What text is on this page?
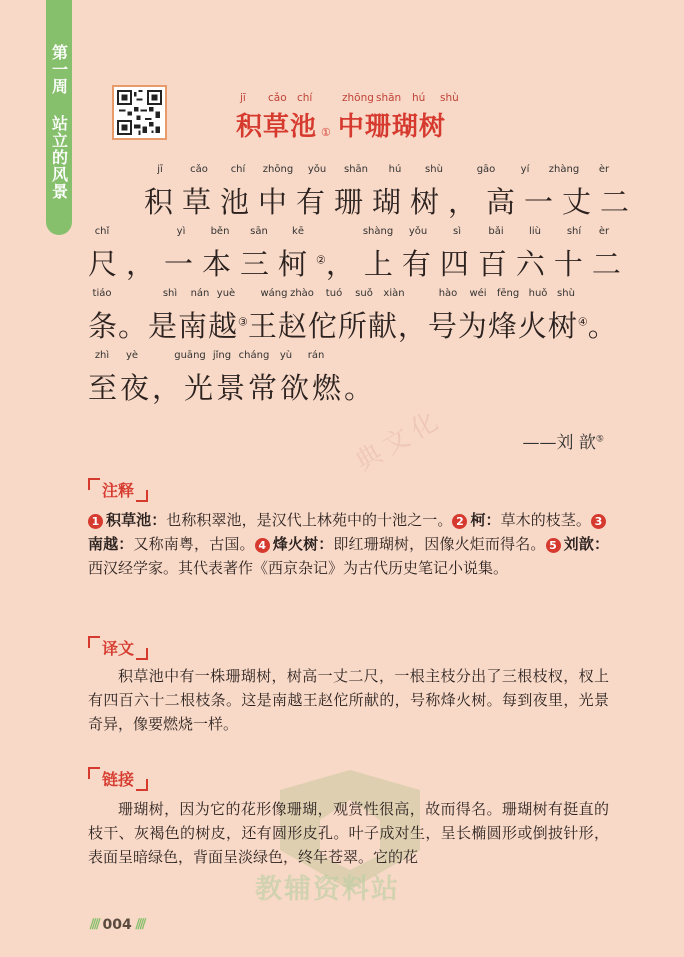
第一周 站立的风景	jī cǎo chí	zhōng shān hú shù
积草池 ① 中珊瑚树
jī	cǎo chí zhōng yǒu shān hú shù	gāo	yí zhàng èr
积草池中有珊瑚树，高一丈二
chǐ	yì	běn sān kē	shàng yǒu	sì	bǎi	liù	shí èr
尺，一本三柯②，上有四百六十二
tiáo	shì nán yuè	wáng zhào tuó suǒ xiàn	hào wéi fēng huǒ shù
条。是南越③王赵佗所献，号为烽火树④。
zhì yè	guāng jǐng cháng yù rán
至夜，光景常欲燃。
典文化	——刘 歆⑤
注释
1 积草池：也称积翠池，是汉代上林苑中的十池之一。 2 柯：草木的枝茎。 3南越：又称南粤，古国。 4 烽火树：即红珊瑚树，因像火炬而得名。 5 刘歆：西汉经学家。其代表著作《西京杂记》为古代历史笔记小说集。
译文
积草池中有一株珊瑚树，树高一丈二尺，一根主枝分出了三根枝杈，杈上有四百六十二根枝条。这是南越王赵佗所献的，号称烽火树。每到夜里，光景奇异，像要燃烧一样。
教辅资料站
链接
珊瑚树，因为它的花形像珊瑚，观赏性很高，故而得名。珊瑚树有挺直的枝干、灰褐色的树皮，还有圆形皮孔。叶子成对生，呈长椭圆形或倒披针形，表面呈暗绿色，背面呈淡绿色，终年苍翠。它的花
⫽⫽ 004 ⫽⫽
